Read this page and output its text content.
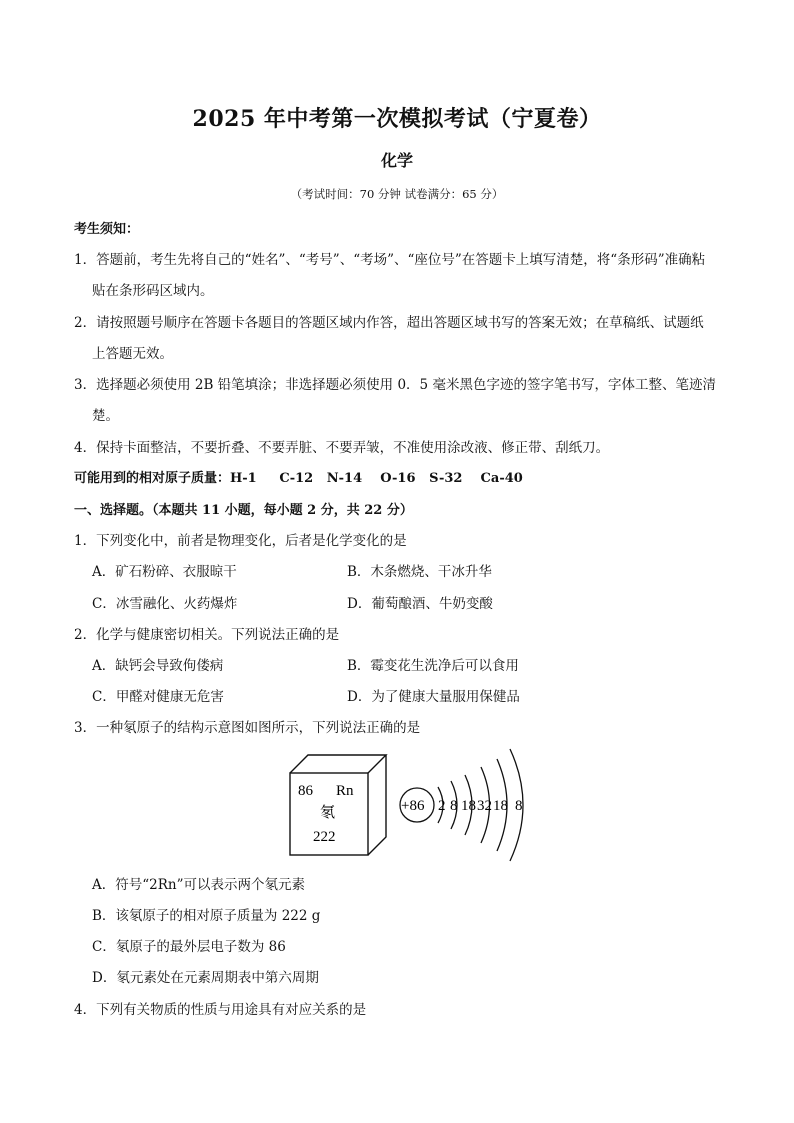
2025 年中考第一次模拟考试（宁夏卷）
化学
（考试时间：70 分钟 试卷满分：65 分）
考生须知：
1．答题前，考生先将自己的“姓名”、“考号”、“考场”、“座位号”在答题卡上填写清楚，将“条形码”准确粘
贴在条形码区域内。
2．请按照题号顺序在答题卡各题目的答题区域内作答，超出答题区域书写的答案无效；在草稿纸、试题纸
上答题无效。
3．选择题必须使用 2B 铅笔填涂；非选择题必须使用 0．5 毫米黑色字迹的签字笔书写，字体工整、笔迹清
楚。
4．保持卡面整洁，不要折叠、不要弄脏、不要弄皱，不准使用涂改液、修正带、刮纸刀。
可能用到的相对原子质量：H-1     C-12   N-14    O-16   S-32    Ca-40
一、选择题。（本题共 11 小题，每小题 2 分，共 22 分）
1．下列变化中，前者是物理变化，后者是化学变化的是
A．矿石粉碎、衣服晾干	B．木条燃烧、干冰升华
C．冰雪融化、火药爆炸	D．葡萄酿酒、牛奶变酸
2．化学与健康密切相关。下列说法正确的是
A．缺钙会导致佝偻病	B．霉变花生洗净后可以食用
C．甲醛对健康无危害	D．为了健康大量服用保健品
3．一种氡原子的结构示意图如图所示，下列说法正确的是
86 Rn
氡
222
+86 2 8 18 32 18 8
A．符号“2Rn”可以表示两个氡元素
B．该氡原子的相对原子质量为 222 g
C．氡原子的最外层电子数为 86
D．氡元素处在元素周期表中第六周期
4．下列有关物质的性质与用途具有对应关系的是
